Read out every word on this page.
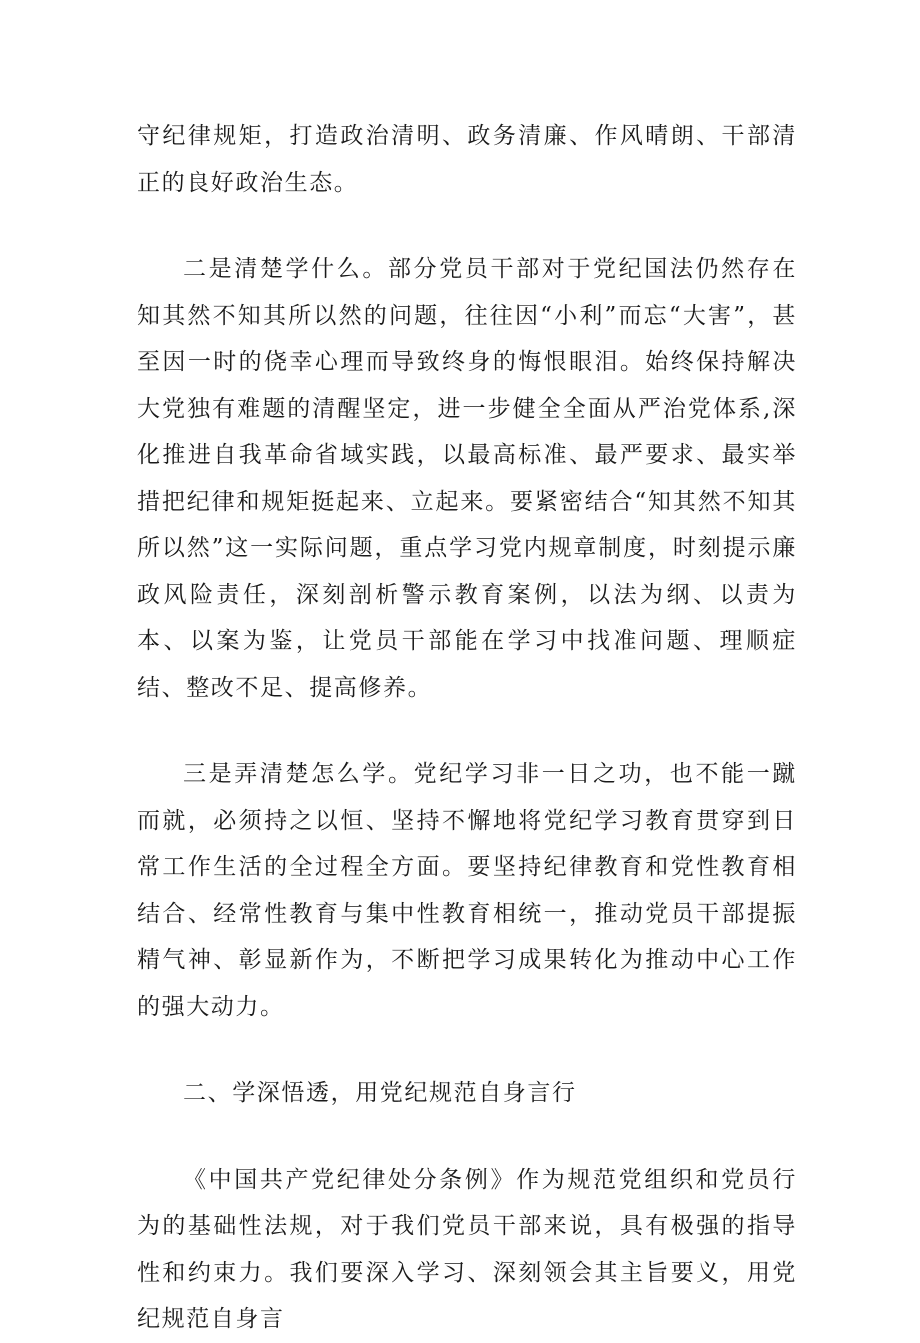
守纪律规矩，打造政治清明、政务清廉、作风晴朗、干部清正的良好政治生态。

二是清楚学什么。部分党员干部对于党纪国法仍然存在知其然不知其所以然的问题，往往因“小利”而忘“大害”，甚至因一时的侥幸心理而导致终身的悔恨眼泪。始终保持解决大党独有难题的清醒坚定，进一步健全全面从严治党体系,深化推进自我革命省域实践，以最高标准、最严要求、最实举措把纪律和规矩挺起来、立起来。要紧密结合“知其然不知其所以然”这一实际问题，重点学习党内规章制度，时刻提示廉政风险责任，深刻剖析警示教育案例，以法为纲、以责为本、以案为鉴，让党员干部能在学习中找准问题、理顺症结、整改不足、提高修养。

三是弄清楚怎么学。党纪学习非一日之功，也不能一蹴而就，必须持之以恒、坚持不懈地将党纪学习教育贯穿到日常工作生活的全过程全方面。要坚持纪律教育和党性教育相结合、经常性教育与集中性教育相统一，推动党员干部提振精气神、彰显新作为，不断把学习成果转化为推动中心工作的强大动力。

二、学深悟透，用党纪规范自身言行

《中国共产党纪律处分条例》作为规范党组织和党员行为的基础性法规，对于我们党员干部来说，具有极强的指导性和约束力。我们要深入学习、深刻领会其主旨要义，用党纪规范自身言
